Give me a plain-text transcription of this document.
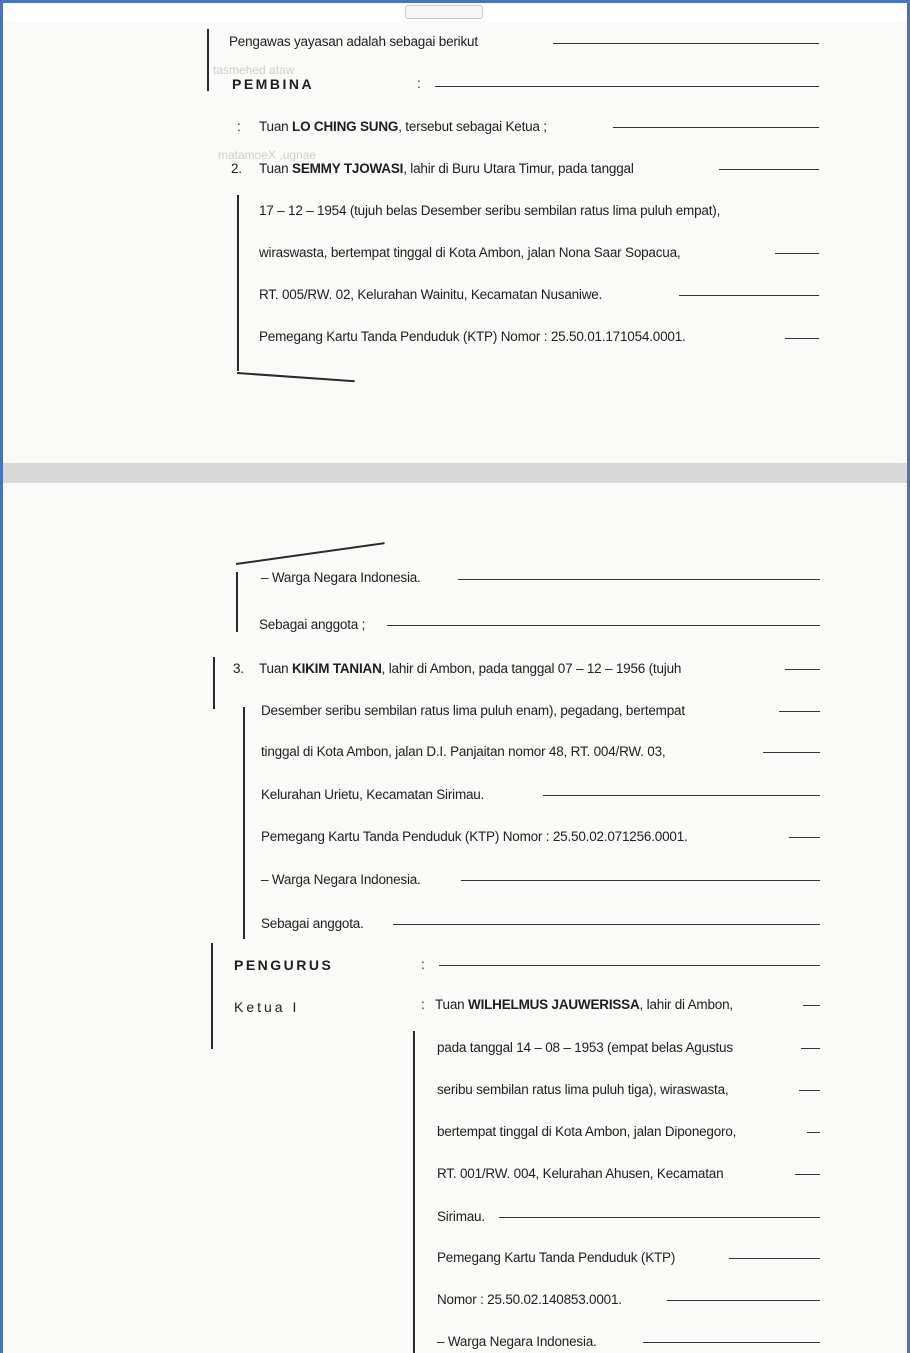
tasmehed ataw
matamoeX ,ugnae
Pengawas yayasan adalah sebagai berikut
PEMBINA	:
: Tuan LO CHING SUNG, tersebut sebagai Ketua ;
2. Tuan SEMMY TJOWASI, lahir di Buru Utara Timur, pada tanggal
17 – 12 – 1954 (tujuh belas Desember seribu sembilan ratus lima puluh empat),
wiraswasta, bertempat tinggal di Kota Ambon, jalan Nona Saar Sopacua,
RT. 005/RW. 02, Kelurahan Wainitu, Kecamatan Nusaniwe.
Pemegang Kartu Tanda Penduduk (KTP) Nomor : 25.50.01.171054.0001.
– Warga Negara Indonesia.
Sebagai anggota ;
3. Tuan KIKIM TANIAN, lahir di Ambon, pada tanggal 07 – 12 – 1956 (tujuh
Desember seribu sembilan ratus lima puluh enam), pegadang, bertempat
tinggal di Kota Ambon, jalan D.I. Panjaitan nomor 48, RT. 004/RW. 03,
Kelurahan Urietu, Kecamatan Sirimau.
Pemegang Kartu Tanda Penduduk (KTP) Nomor : 25.50.02.071256.0001.
– Warga Negara Indonesia.
Sebagai anggota.
PENGURUS	:
Ketua I	: Tuan WILHELMUS JAUWERISSA, lahir di Ambon,
pada tanggal 14 – 08 – 1953 (empat belas Agustus
seribu sembilan ratus lima puluh tiga), wiraswasta,
bertempat tinggal di Kota Ambon, jalan Diponegoro,
RT. 001/RW. 004, Kelurahan Ahusen, Kecamatan
Sirimau.
Pemegang Kartu Tanda Penduduk (KTP)
Nomor : 25.50.02.140853.0001.
– Warga Negara Indonesia.
